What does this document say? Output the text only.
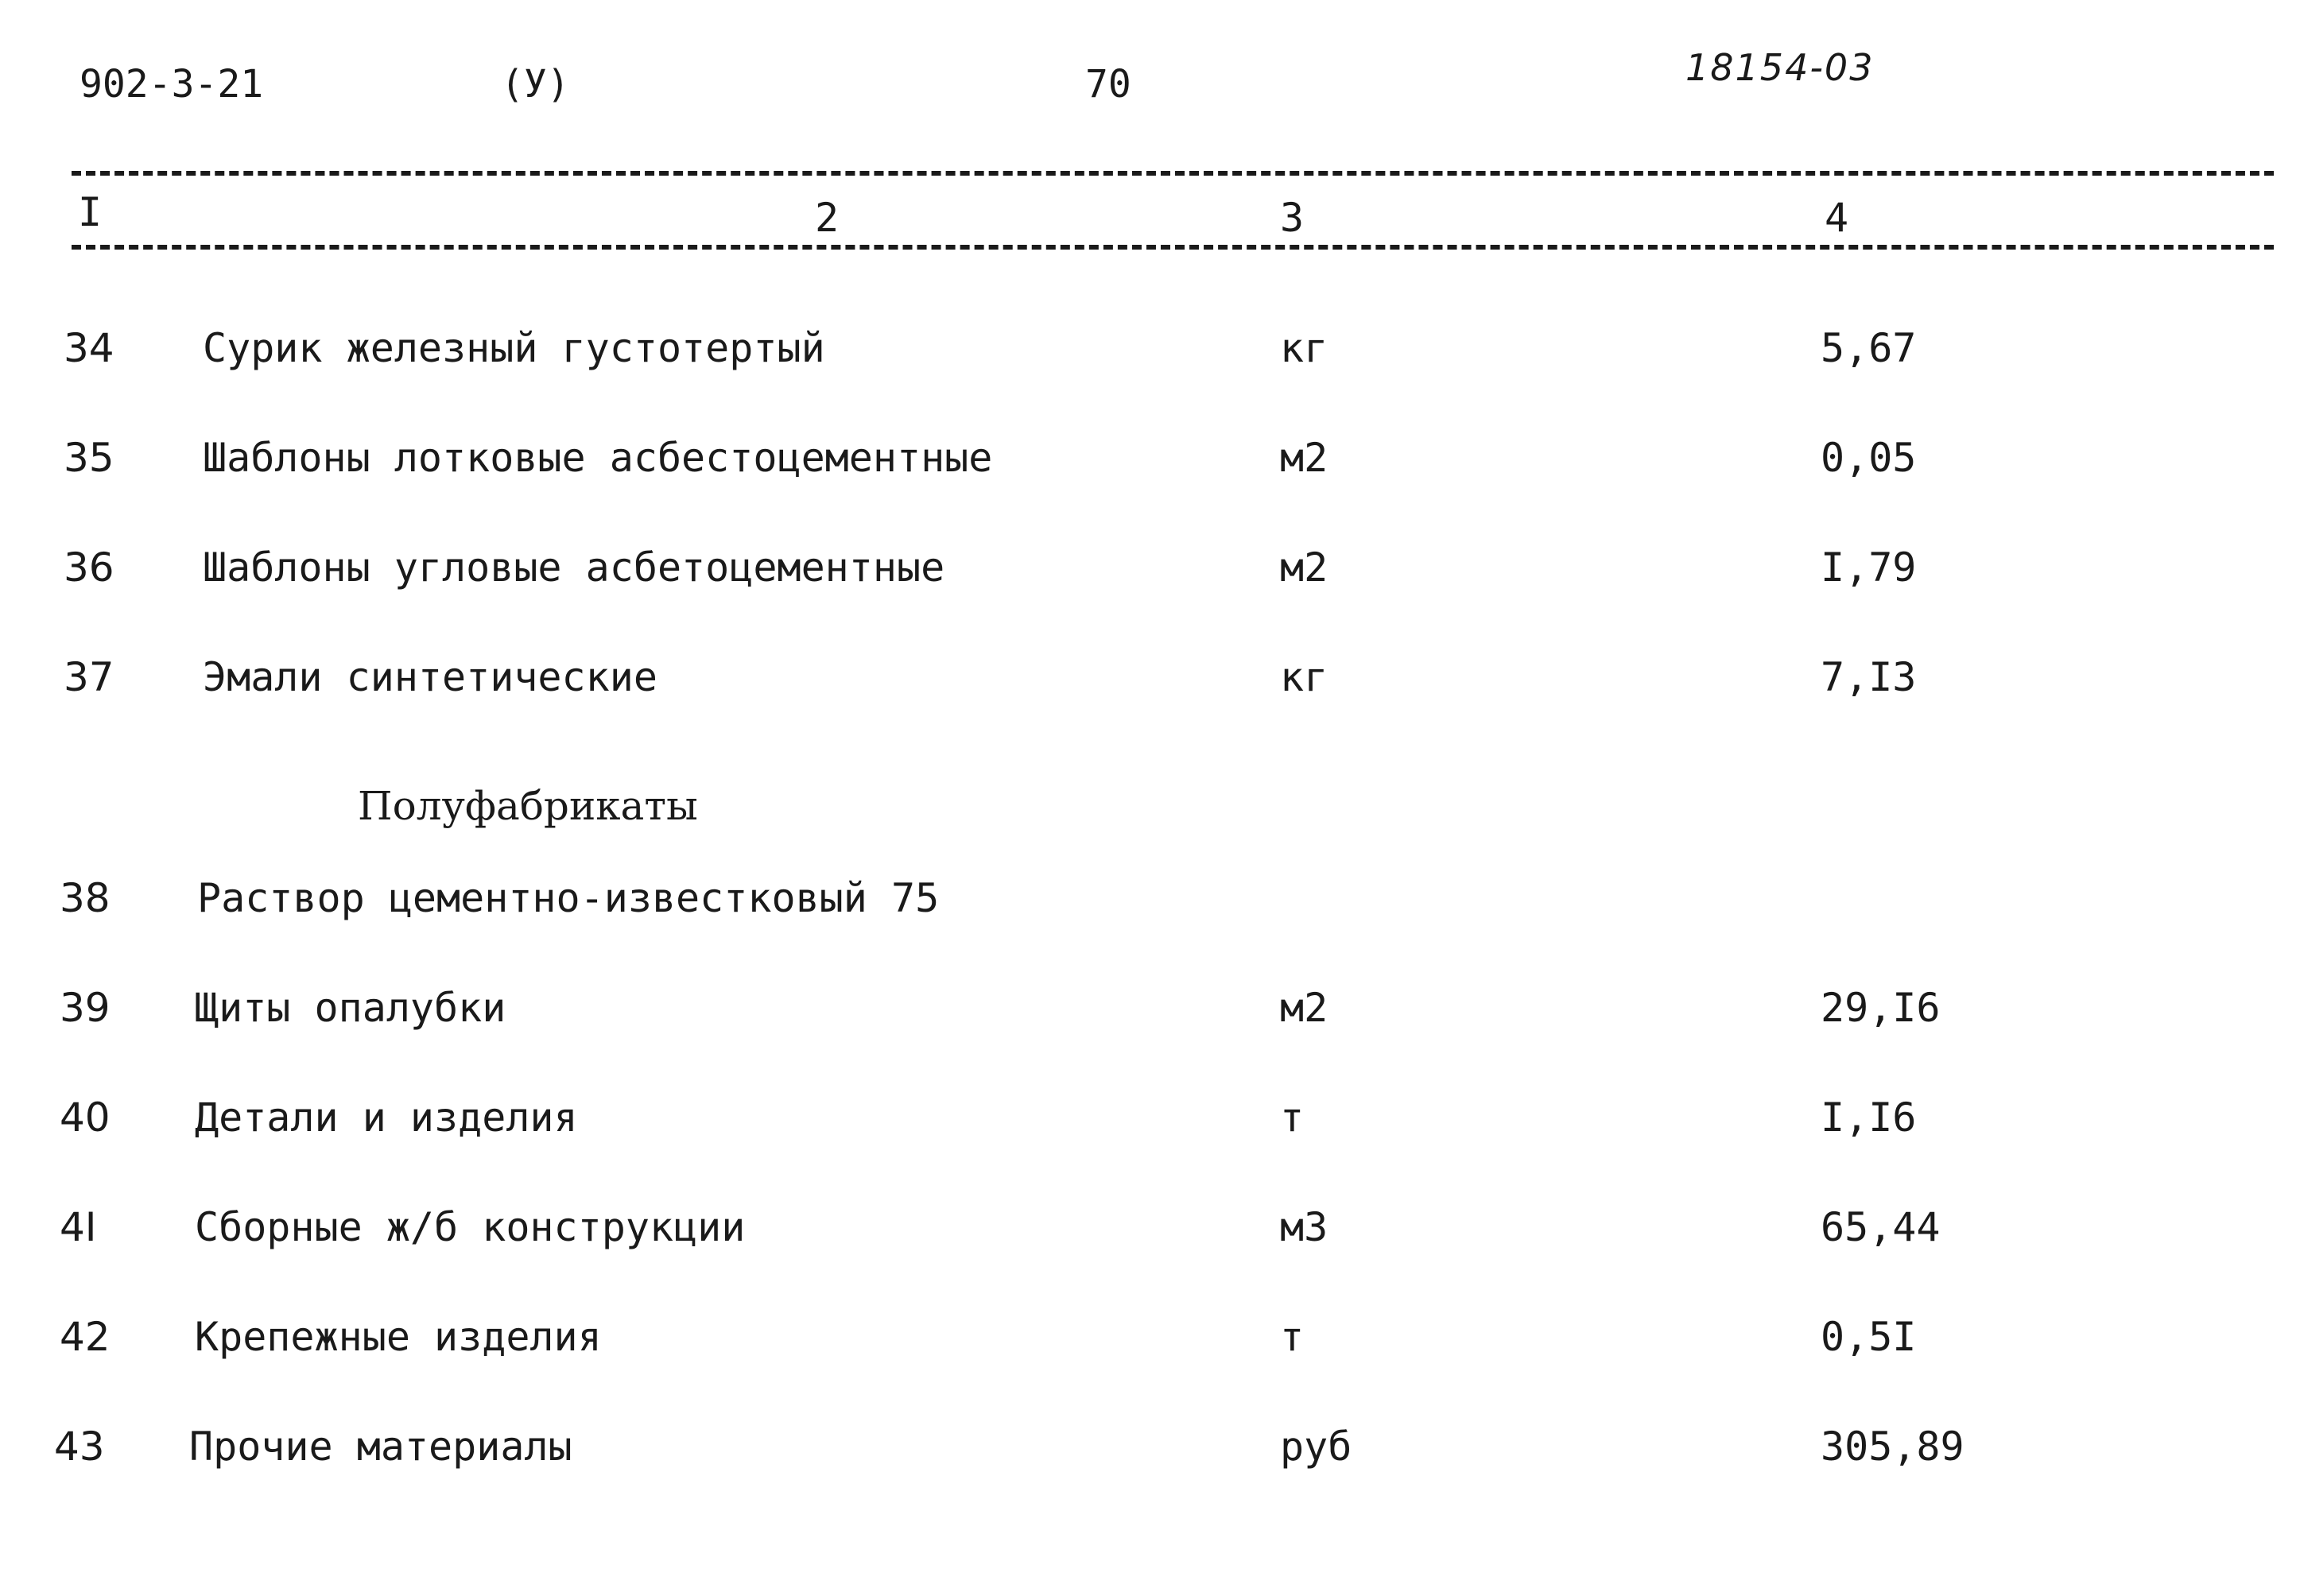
902-3-21	(У)	70	18154-03
I	2	3	4
34 Сурик железный густотертый	кг	5,67
35 Шаблоны лотковые асбестоцементные	м2	0,05
36 Шаблоны угловые асбетоцементные	м2	I,79
37 Эмали синтетические	кг	7,I3
Полуфабрикаты
38 Раствор цементно-известковый 75
39 Щиты опалубки	м2	29,I6
40 Детали и изделия	т	I,I6
4I Сборные ж/б конструкции	м3	65,44
42 Крепежные изделия	т	0,5I
43 Прочие материалы	руб	305,89
